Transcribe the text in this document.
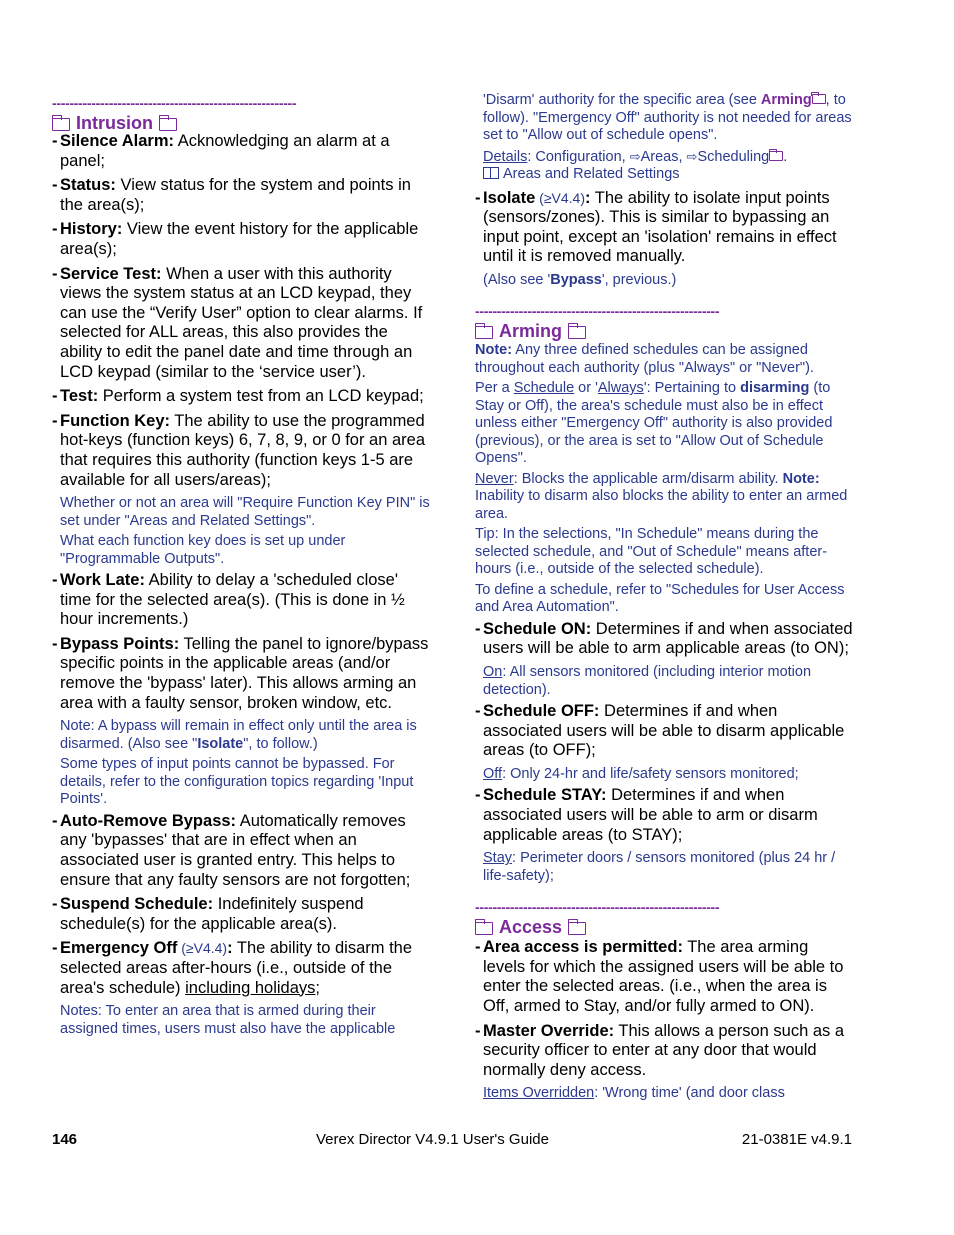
--------------------------------------------------------
Intrusion
- Silence Alarm: Acknowledging an alarm at a panel;
- Status: View status for the system and points in the area(s);
- History: View the event history for the applicable area(s);
- Service Test: When a user with this authority views the system status at an LCD keypad, they can use the “Verify User” option to clear alarms. If selected for ALL areas, this also provides the ability to edit the panel date and time through an LCD keypad (similar to the ‘service user’).
- Test: Perform a system test from an LCD keypad;
- Function Key: The ability to use the programmed hot-keys (function keys) 6, 7, 8, 9, or 0 for an area that requires this authority (function keys 1-5 are available for all users/areas);
Whether or not an area will "Require Function Key PIN" is set under "Areas and Related Settings".
What each function key does is set up under "Programmable Outputs".
- Work Late: Ability to delay a 'scheduled close' time for the selected area(s). (This is done in ½ hour increments.)
- Bypass Points: Telling the panel to ignore/bypass specific points in the applicable areas (and/or remove the 'bypass' later). This allows arming an area with a faulty sensor, broken window, etc.
Note: A bypass will remain in effect only until the area is disarmed. (Also see "Isolate", to follow.)
Some types of input points cannot be bypassed. For details, refer to the configuration topics regarding 'Input Points'.
- Auto-Remove Bypass: Automatically removes any 'bypasses' that are in effect when an associated user is granted entry. This helps to ensure that any faulty sensors are not forgotten;
- Suspend Schedule: Indefinitely suspend schedule(s) for the applicable area(s).
- Emergency Off (≥V4.4): The ability to disarm the selected areas after-hours (i.e., outside of the area's schedule) including holidays;
Notes: To enter an area that is armed during their assigned times, users must also have the applicable
'Disarm' authority for the specific area (see Arming , to follow). "Emergency Off" authority is not needed for areas set to "Allow out of schedule opens".
Details: Configuration, ⇨Areas, ⇨Scheduling .
Areas and Related Settings
- Isolate (≥V4.4): The ability to isolate input points (sensors/zones). This is similar to bypassing an input point, except an 'isolation' remains in effect until it is removed manually.
(Also see 'Bypass', previous.)
--------------------------------------------------------
Arming
Note: Any three defined schedules can be assigned throughout each authority (plus "Always" or "Never").
Per a Schedule or 'Always': Pertaining to disarming (to Stay or Off), the area's schedule must also be in effect unless either "Emergency Off" authority is also provided (previous), or the area is set to "Allow Out of Schedule Opens".
Never: Blocks the applicable arm/disarm ability. Note: Inability to disarm also blocks the ability to enter an armed area.
Tip: In the selections, "In Schedule" means during the selected schedule, and "Out of Schedule" means after-hours (i.e., outside of the selected schedule).
To define a schedule, refer to "Schedules for User Access and Area Automation".
- Schedule ON: Determines if and when associated users will be able to arm applicable areas (to ON);
On: All sensors monitored (including interior motion detection).
- Schedule OFF: Determines if and when associated users will be able to disarm applicable areas (to OFF);
Off: Only 24-hr and life/safety sensors monitored;
- Schedule STAY: Determines if and when associated users will be able to arm or disarm applicable areas (to STAY);
Stay: Perimeter doors / sensors monitored (plus 24 hr / life-safety);
--------------------------------------------------------
Access
- Area access is permitted: The area arming levels for which the assigned users will be able to enter the selected areas. (i.e., when the area is Off, armed to Stay, and/or fully armed to ON).
- Master Override: This allows a person such as a security officer to enter at any door that would normally deny access.
Items Overridden: 'Wrong time' (and door class
146	Verex Director V4.9.1 User's Guide	21-0381E v4.9.1
